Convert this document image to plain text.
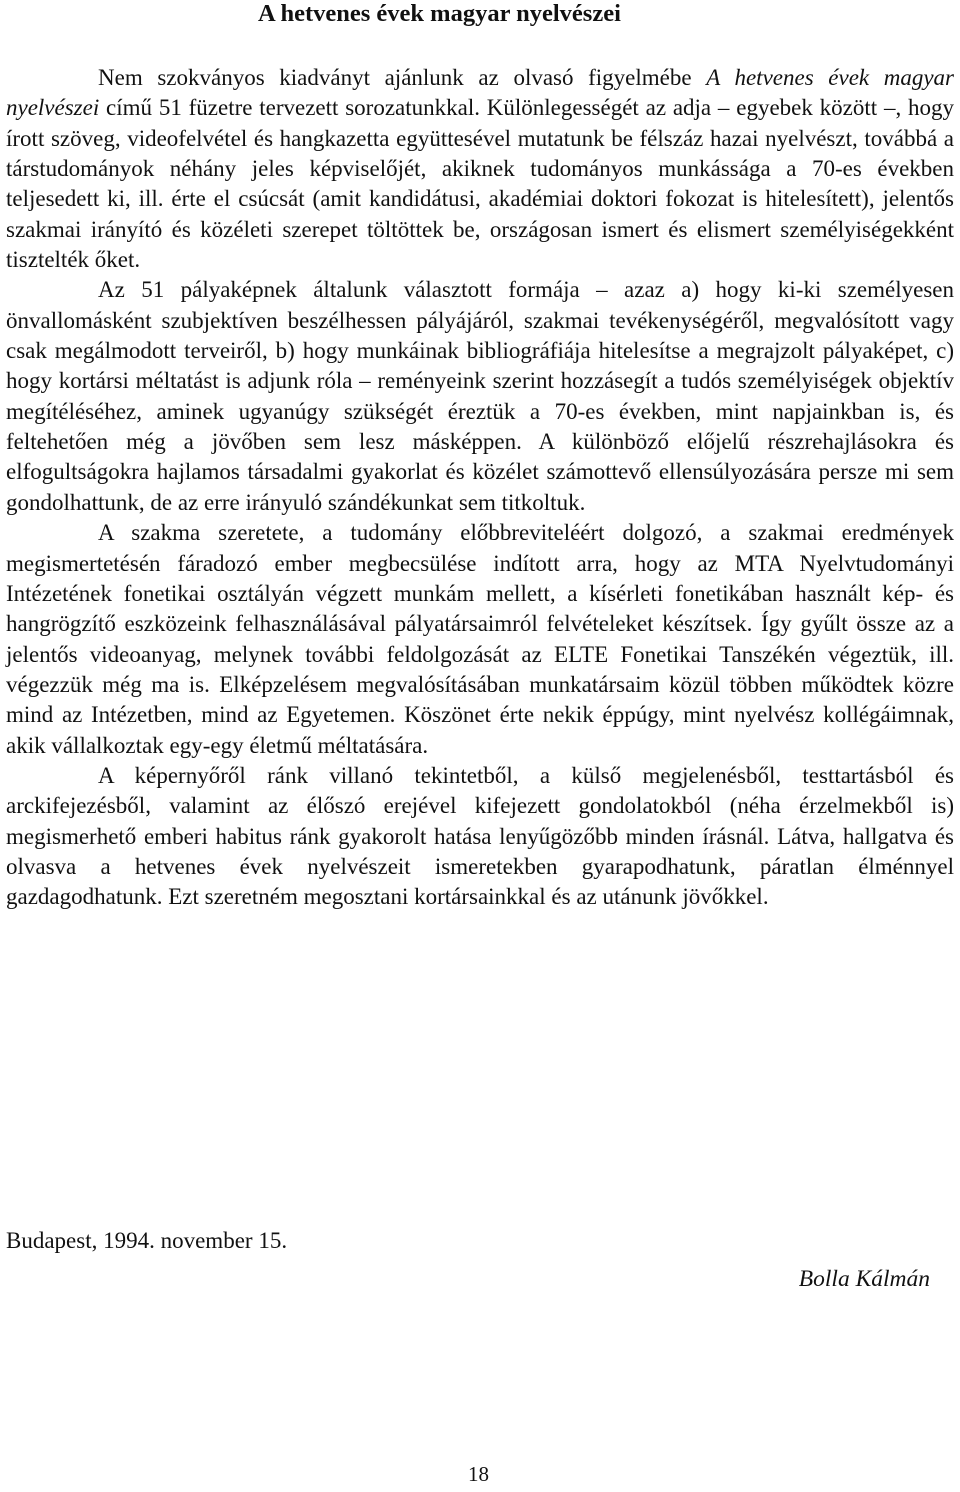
A hetvenes évek magyar nyelvészei

Nem szokványos kiadványt ajánlunk az olvasó figyelmébe A hetvenes évek magyar nyelvészei című 51 füzetre tervezett sorozatunkkal. Különlegességét az adja – egyebek között –, hogy írott szöveg, videofelvétel és hangkazetta együttesével mutatunk be félszáz hazai nyelvészt, továbbá a társtudományok néhány jeles képviselőjét, akiknek tudományos munkássága a 70-es években teljesedett ki, ill. érte el csúcsát (amit kandidátusi, akadémiai doktori fokozat is hitelesített), jelentős szakmai irányító és közéleti szerepet töltöttek be, országosan ismert és elismert személyiségekként tisztelték őket.

Az 51 pályaképnek általunk választott formája – azaz a) hogy ki-ki személyesen önvallomásként szubjektíven beszélhessen pályájáról, szakmai tevékenységéről, megvalósított vagy csak megálmodott terveiről, b) hogy munkáinak bibliográfiája hitelesítse a megrajzolt pályaképet, c) hogy kortársi méltatást is adjunk róla – reményeink szerint hozzásegít a tudós személyiségek objektív megítéléséhez, aminek ugyanúgy szükségét éreztük a 70-es években, mint napjainkban is, és feltehetően még a jövőben sem lesz másképpen. A különböző előjelű részrehajlásokra és elfogultságokra hajlamos társadalmi gyakorlat és közélet számottevő ellensúlyozására persze mi sem gondolhattunk, de az erre irányuló szándékunkat sem titkoltuk.

A szakma szeretete, a tudomány előbbreviteléért dolgozó, a szakmai eredmények megismertetésén fáradozó ember megbecsülése indított arra, hogy az MTA Nyelvtudományi Intézetének fonetikai osztályán végzett munkám mellett, a kísérleti fonetikában használt kép- és hangrögzítő eszközeink felhasználásával pályatársaimról felvételeket készítsek. Így gyűlt össze az a jelentős videoanyag, melynek további feldolgozását az ELTE Fonetikai Tanszékén végeztük, ill. végezzük még ma is. Elképzelésem megvalósításában munkatársaim közül többen működtek közre mind az Intézetben, mind az Egyetemen. Köszönet érte nekik éppúgy, mint nyelvész kollégáimnak, akik vállalkoztak egy-egy életmű méltatására.

A képernyőről ránk villanó tekintetből, a külső megjelenésből, testtartásból és arckifejezésből, valamint az élőszó erejével kifejezett gondolatokból (néha érzelmekből is) megismerhető emberi habitus ránk gyakorolt hatása lenyűgözőbb minden írásnál. Látva, hallgatva és olvasva a hetvenes évek nyelvészeit ismeretekben gyarapodhatunk, páratlan élménnyel gazdagodhatunk. Ezt szeretném megosztani kortársainkkal és az utánunk jövőkkel.

Budapest, 1994. november 15.
Bolla Kálmán
18
